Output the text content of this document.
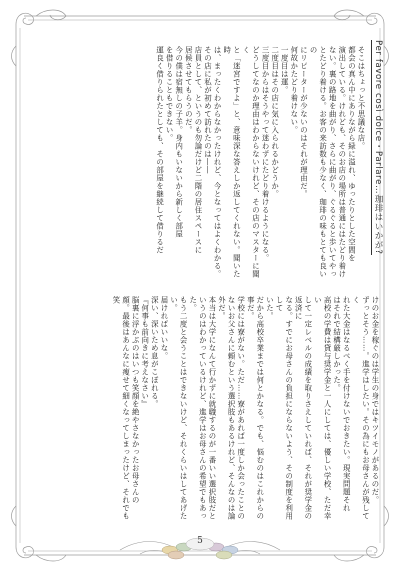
Per favore così dolce・Parlare…珈琲はいかが?

そこはちょっと不思議な店。

都会の真ん中にありながら緑に溢れ、ゆったりとした空間を

演出している。けれども、そのお店の場所は普通にはたどり着け

ない。裏の路地を曲がり、さらに曲がり、ぐるぐると歩いてやっ

とたどり着ける。お客の来訪数も少なく、珈琲の味もとても良いの

にリピーターが少ないのはそれが理由だ。

何故かたどり着けない。

一度目は運。

二度目はその店に気に入られるかどうか。

三度目からはそうやって迷わずにたどり着けるようになる。

どうしてなのか理由はわからないけれど、その店のマスターに聞く

と「迷宮ですよ」と、意味深な答えしか返してくれない。聞いた時

は、まったくわからなかったけれど、今となってはよくわかる。

その店に私が初めて訪れたのは――

店員として、というのも勿論だけど二階の居住スペースに

居候させてもらうのだ。

今の僕は宿無しの子羊。身内もいないから新しく部屋

を借りることもできない。

運良く借りられたとしても、その部屋を継続して借りるだ

けのお金を稼ぐのは学生の身ではキツイモノがあるのだ。

ずっとそう……。進学はしたい。その為にもお母さんが残してく

れた大金はなるべく手を付けないでおきたい。現実問題それ

はそれで結構厳しかった。

高校の学費は貸与奨学金と一人にしては、優しい学校、ただ幸い

して一定レベルの成績を取りさえしていれば、それが奨学金の返済に

なる。すでにお母さんの負担にならないよう、その制度を利用して

いた。

だから高校卒業までは何とかなる。でも、悩むのはこれからの事だ。

学校には寮がない。ただ……寮があれば一度しか会ったことの

ないお父さんに頼むという選択肢もあるけれど、そんなのは論外だ。

本当は大学になんて行かずに就職するのが一番いい選択肢だと

いうのはわかっているけれど、進学はお母さんの希望でもあった。

もう二度と会うことはできないけど、それくらいはしてあげたい。

届ければいいな。

深い、深いため息がこぼれる。

『何事も前向きに考えなさい』

脳裏に浮かぶのはいつも笑顔を絶やさなかったお母さんの

顔。最後はあんなに痩せて細くなってしまったけど、それでも笑

5
